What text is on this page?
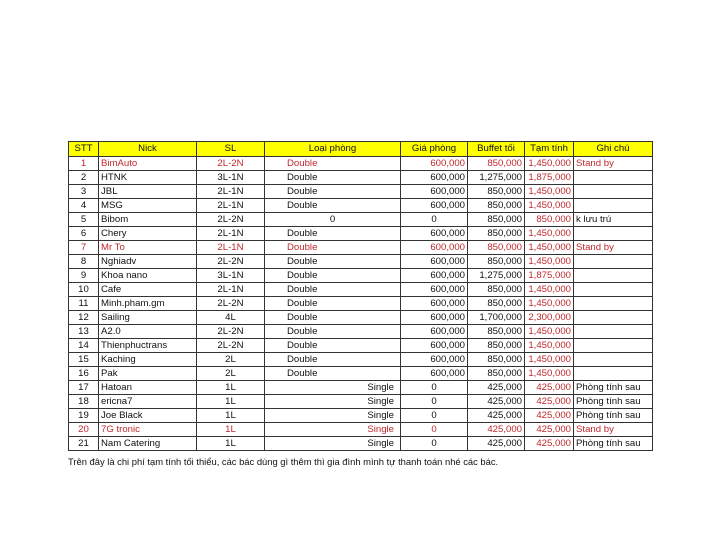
STT	Nick	SL	Loại phòng	Giá phòng	Buffet tối	Tạm tính	Ghi chú
1	BimAuto	2L-2N	Double	600,000	850,000	1,450,000	Stand by
2	HTNK	3L-1N	Double	600,000	1,275,000	1,875,000	
3	JBL	2L-1N	Double	600,000	850,000	1,450,000	
4	MSG	2L-1N	Double	600,000	850,000	1,450,000	
5	Bibom	2L-2N	0	0	850,000	850,000	k lưu trú
6	Chery	2L-1N	Double	600,000	850,000	1,450,000	
7	Mr To	2L-1N	Double	600,000	850,000	1,450,000	Stand by
8	Nghiadv	2L-2N	Double	600,000	850,000	1,450,000	
9	Khoa nano	3L-1N	Double	600,000	1,275,000	1,875,000	
10	Cafe	2L-1N	Double	600,000	850,000	1,450,000	
11	Minh.pham.gm	2L-2N	Double	600,000	850,000	1,450,000	
12	Sailing	4L	Double	600,000	1,700,000	2,300,000	
13	A2.0	2L-2N	Double	600,000	850,000	1,450,000	
14	Thienphuctrans	2L-2N	Double	600,000	850,000	1,450,000	
15	Kaching	2L	Double	600,000	850,000	1,450,000	
16	Pak	2L	Double	600,000	850,000	1,450,000	
17	Hatoan	1L	Single	0	425,000	425,000	Phòng tính sau
18	ericna7	1L	Single	0	425,000	425,000	Phòng tính sau
19	Joe Black	1L	Single	0	425,000	425,000	Phòng tính sau
20	7G tronic	1L	Single	0	425,000	425,000	Stand by
21	Nam Catering	1L	Single	0	425,000	425,000	Phòng tính sau
Trên đây là chi phí tạm tính tối thiểu, các bác dùng gì thêm thì gia đình mình tự thanh toán nhé các bác.
